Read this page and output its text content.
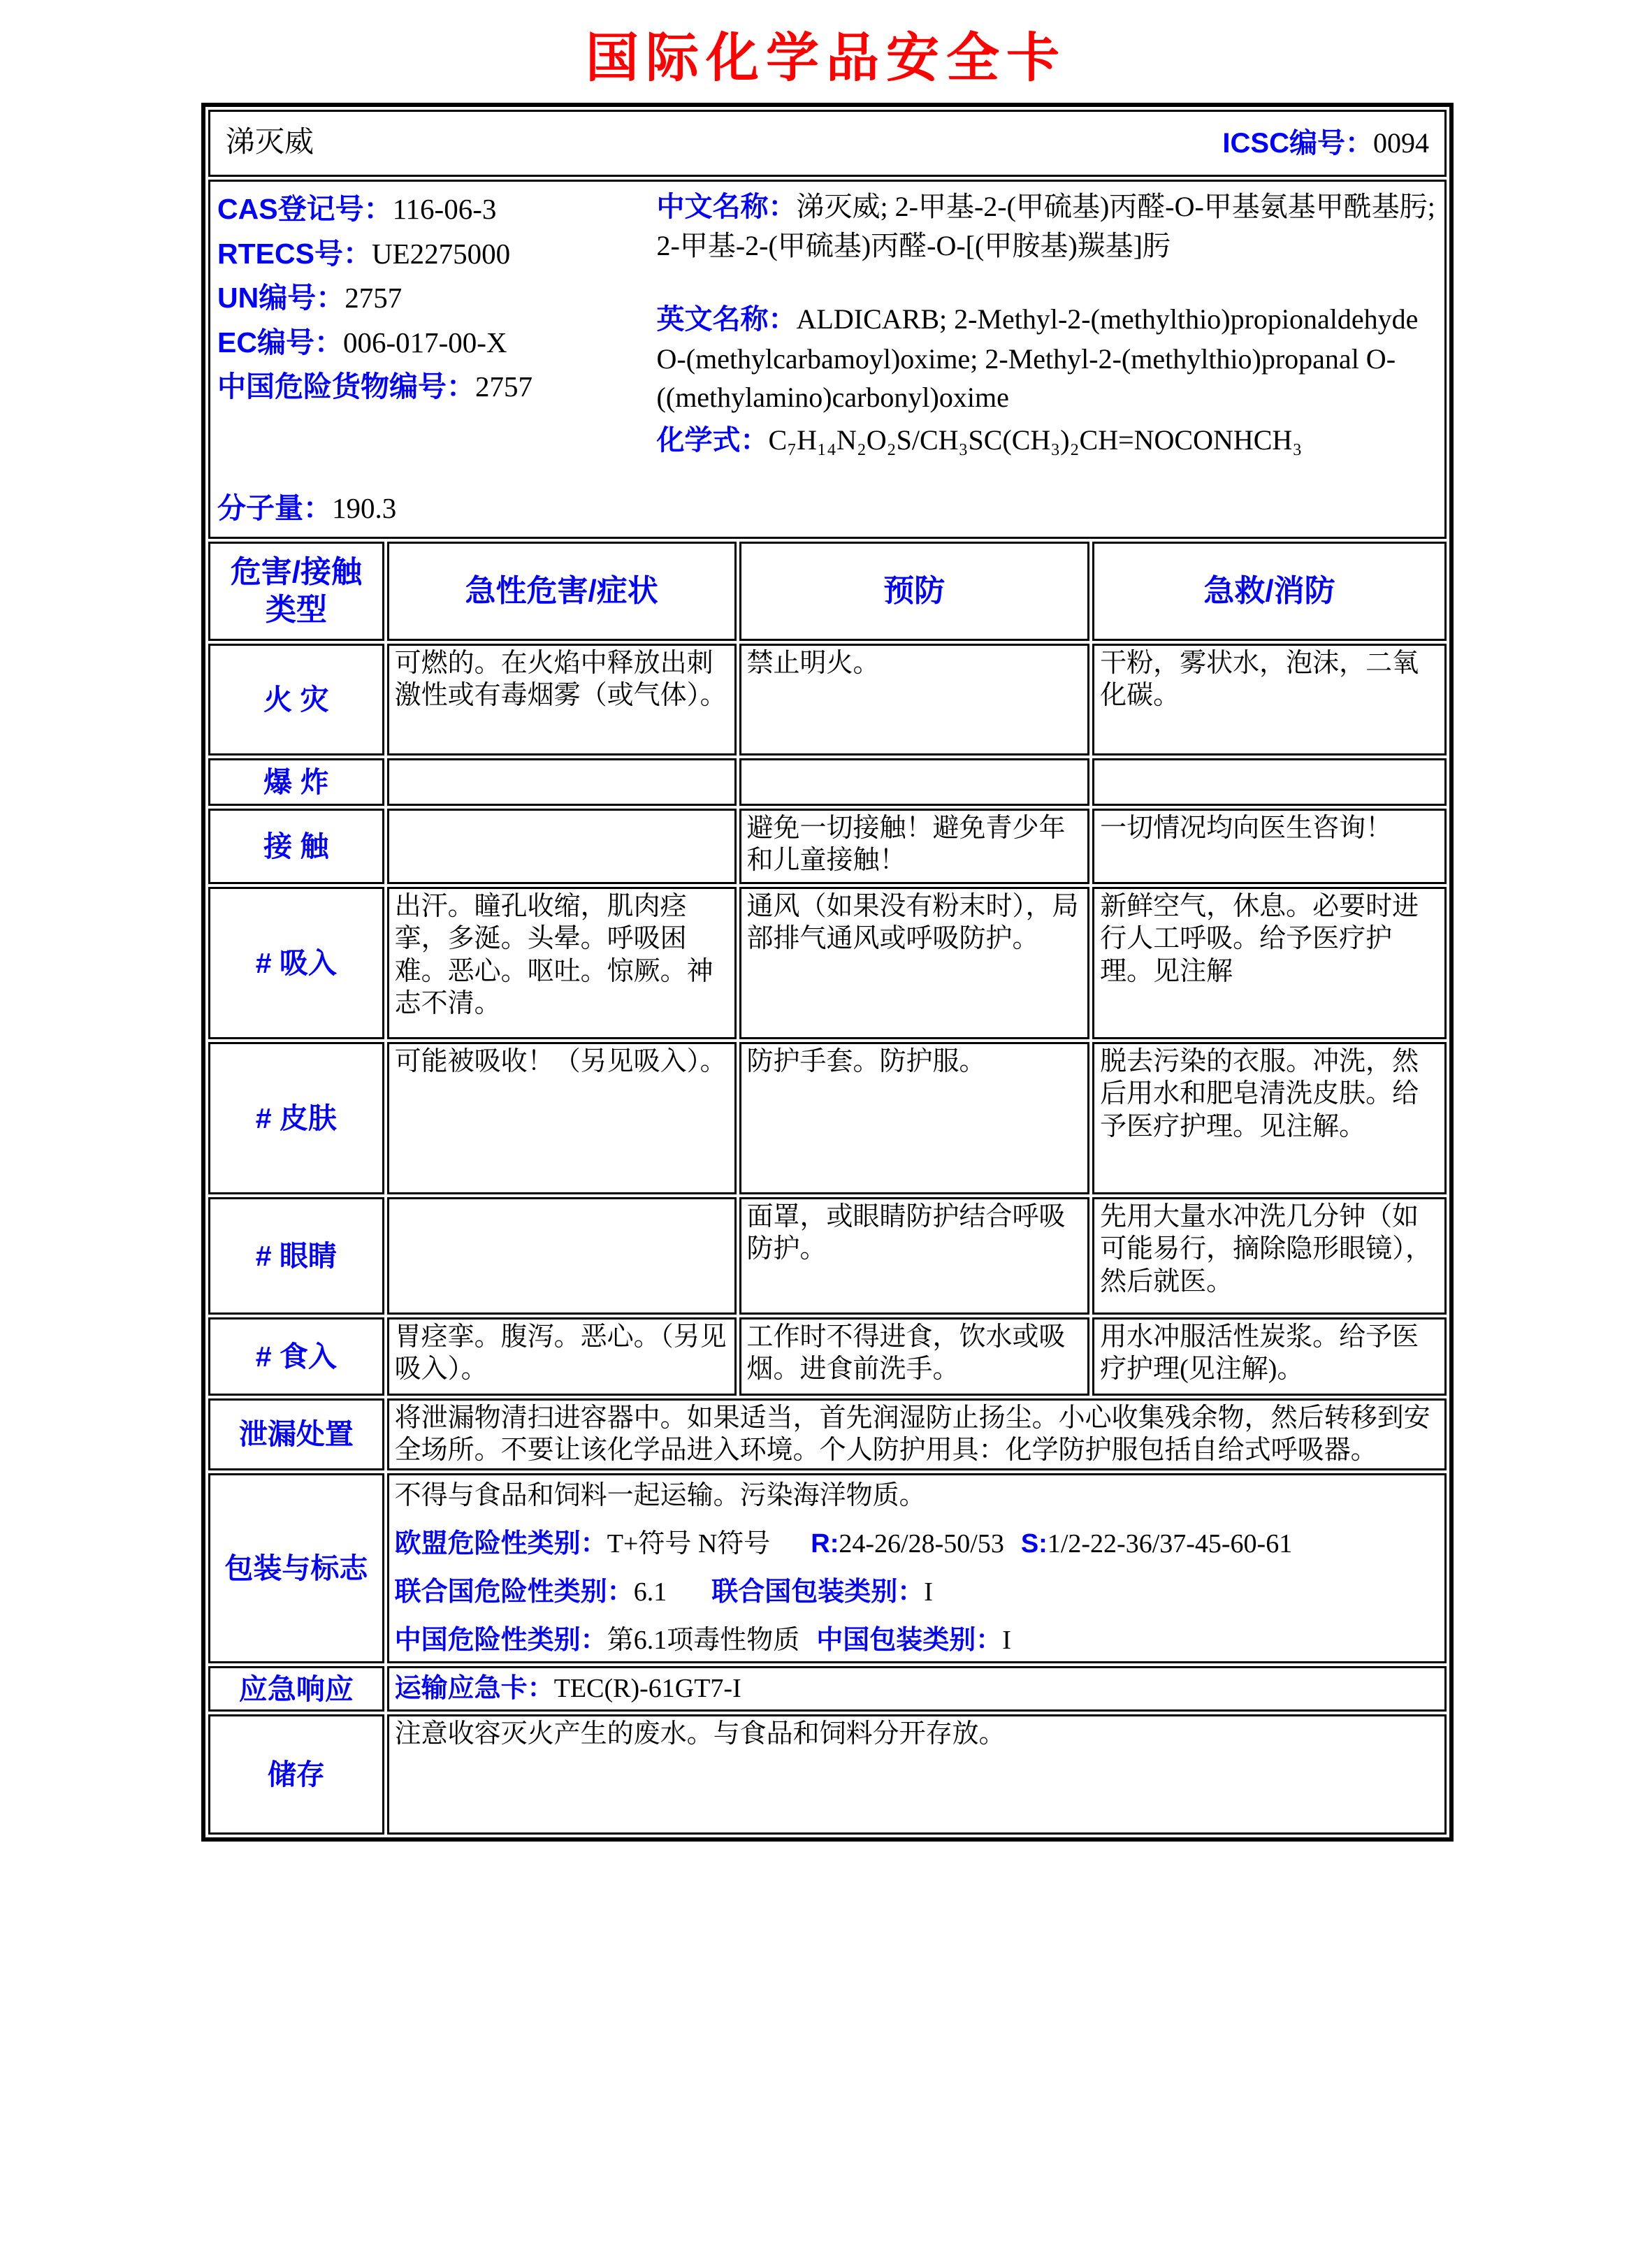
国际化学品安全卡
涕灭威 ICSC编号：0094			

CAS登记号：116-06-3
RTECS号：UE2275000
UN编号：2757
EC编号：006-017-00-X
中国危险货物编号：2757
分子量：190.3

中文名称：涕灭威; 2-甲基-2-(甲硫基)丙醛-O-甲基氨基甲酰基肟; 2-甲基-2-(甲硫基)丙醛-O-[(甲胺基)羰基]肟

英文名称：ALDICARB; 2-Methyl-2-(methylthio)propionaldehyde O-(methylcarbamoyl)oxime; 2-Methyl-2-(methylthio)propanal O-((methylamino)carbonyl)oxime

化学式：C₇H₁₄N₂O₂S/CH₃SC(CH₃)₂CH=NOCONHCH₃

危害/接触类型	急性危害/症状	预防	急救/消防
火 灾	可燃的。在火焰中释放出刺激性或有毒烟雾（或气体）。	禁止明火。	干粉，雾状水，泡沫，二氧化碳。
爆 炸			
接 触		避免一切接触！避免青少年和儿童接触！	一切情况均向医生咨询！
# 吸入	出汗。瞳孔收缩，肌肉痉挛，多涎。头晕。呼吸困难。恶心。呕吐。惊厥。神志不清。	通风（如果没有粉末时），局部排气通风或呼吸防护。	新鲜空气，休息。必要时进行人工呼吸。给予医疗护理。见注解
# 皮肤	可能被吸收！（另见吸入）。	防护手套。防护服。	脱去污染的衣服。冲洗，然后用水和肥皂清洗皮肤。给予医疗护理。见注解。
# 眼睛		面罩，或眼睛防护结合呼吸防护。	先用大量水冲洗几分钟（如可能易行，摘除隐形眼镜），然后就医。
# 食入	胃痉挛。腹泻。恶心。（另见吸入）。	工作时不得进食，饮水或吸烟。进食前洗手。	用水冲服活性炭浆。给予医疗护理(见注解)。
泄漏处置	将泄漏物清扫进容器中。如果适当，首先润湿防止扬尘。小心收集残余物，然后转移到安全场所。不要让该化学品进入环境。个人防护用具：化学防护服包括自给式呼吸器。		
包装与标志	不得与食品和饲料一起运输。污染海洋物质。

欧盟危险性类别：T+符号 N符号 R:24-26/28-50/53 S:1/2-22-36/37-45-60-61

联合国危险性类别：6.1 联合国包装类别：I

中国危险性类别：第6.1项毒性物质 中国包装类别：I		

应急响应	运输应急卡：TEC(R)-61GT7-I		

储存	注意收容灭火产生的废水。与食品和饲料分开存放。		
